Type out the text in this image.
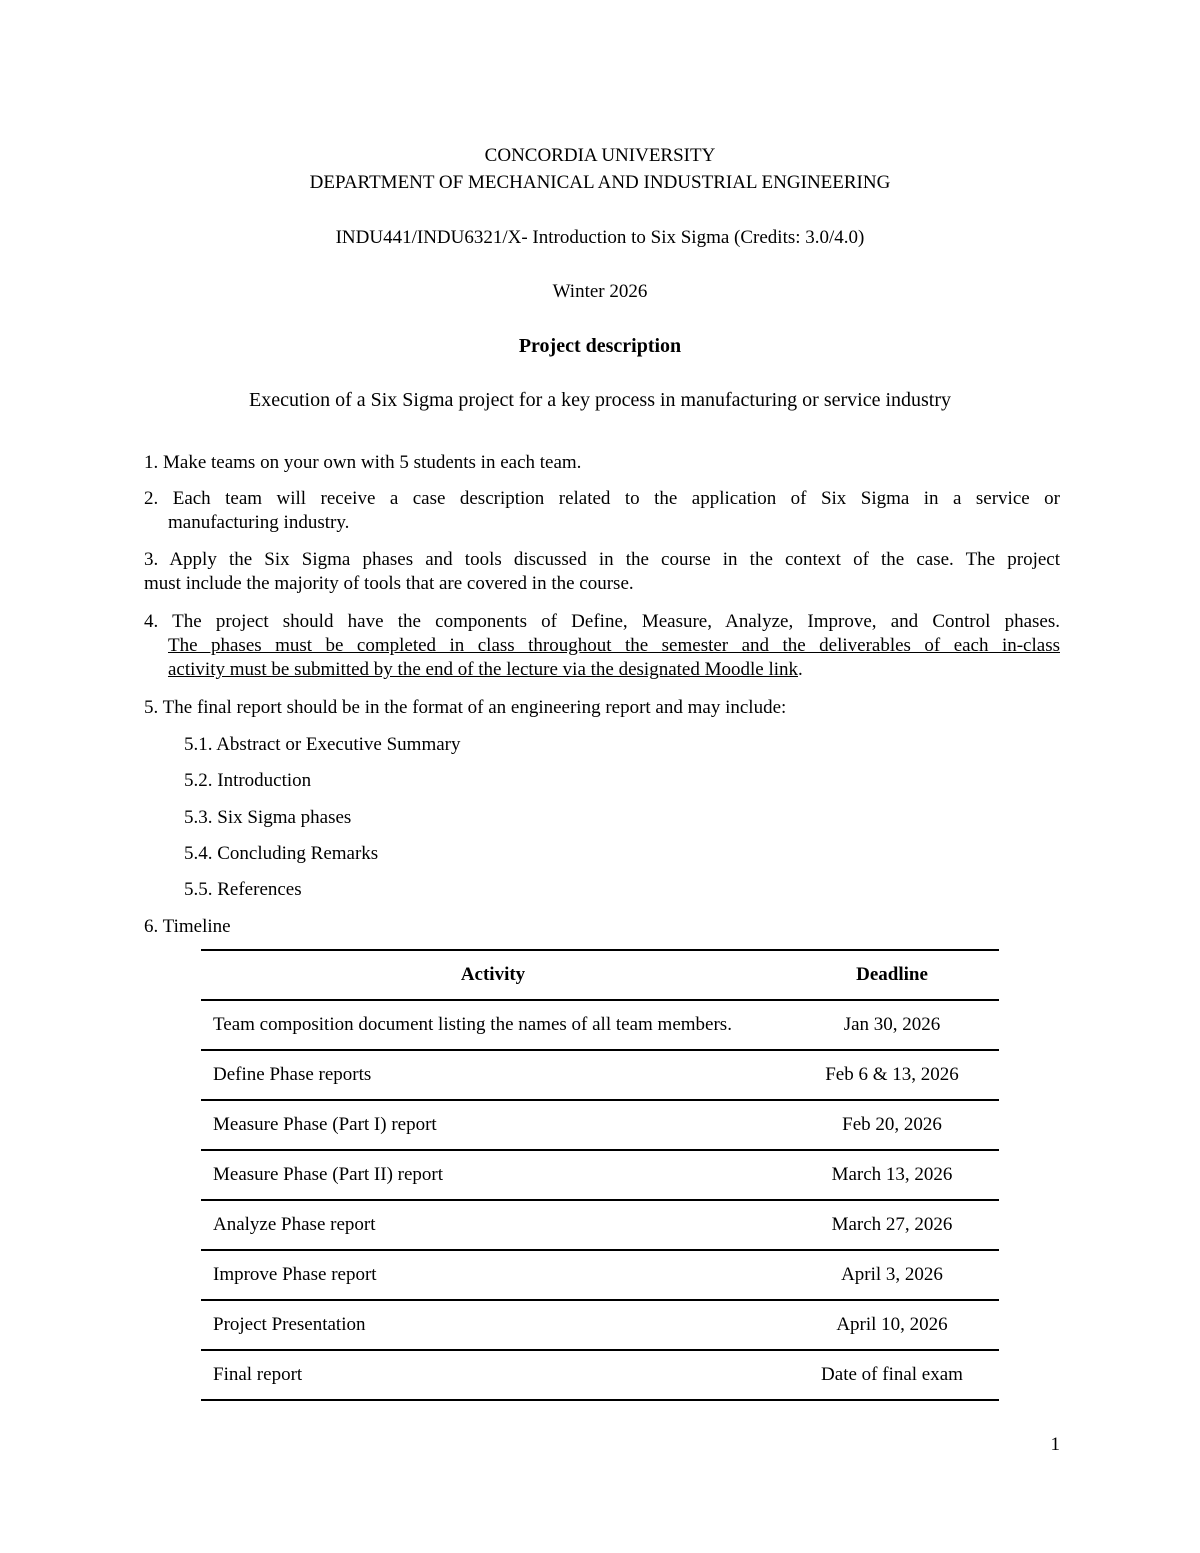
CONCORDIA UNIVERSITY
DEPARTMENT OF MECHANICAL AND INDUSTRIAL ENGINEERING
INDU441/INDU6321/X- Introduction to Six Sigma (Credits: 3.0/4.0)
Winter 2026
Project description
Execution of a Six Sigma project for a key process in manufacturing or service industry
1. Make teams on your own with 5 students in each team.
2. Each team will receive a case description related to the application of Six Sigma in a service or
manufacturing industry.
3. Apply the Six Sigma phases and tools discussed in the course in the context of the case. The project
must include the majority of tools that are covered in the course.
4. The project should have the components of Define, Measure, Analyze, Improve, and Control phases.
The phases must be completed in class throughout the semester and the deliverables of each in-class
activity must be submitted by the end of the lecture via the designated Moodle link.
5. The final report should be in the format of an engineering report and may include:
5.1. Abstract or Executive Summary
5.2. Introduction
5.3. Six Sigma phases
5.4. Concluding Remarks
5.5. References
6. Timeline
Activity	Deadline
Team composition document listing the names of all team members.	Jan 30, 2026
Define Phase reports	Feb 6 & 13, 2026
Measure Phase (Part I) report	Feb 20, 2026
Measure Phase (Part II) report	March 13, 2026
Analyze Phase report	March 27, 2026
Improve Phase report	April 3, 2026
Project Presentation	April 10, 2026
Final report	Date of final exam
1
